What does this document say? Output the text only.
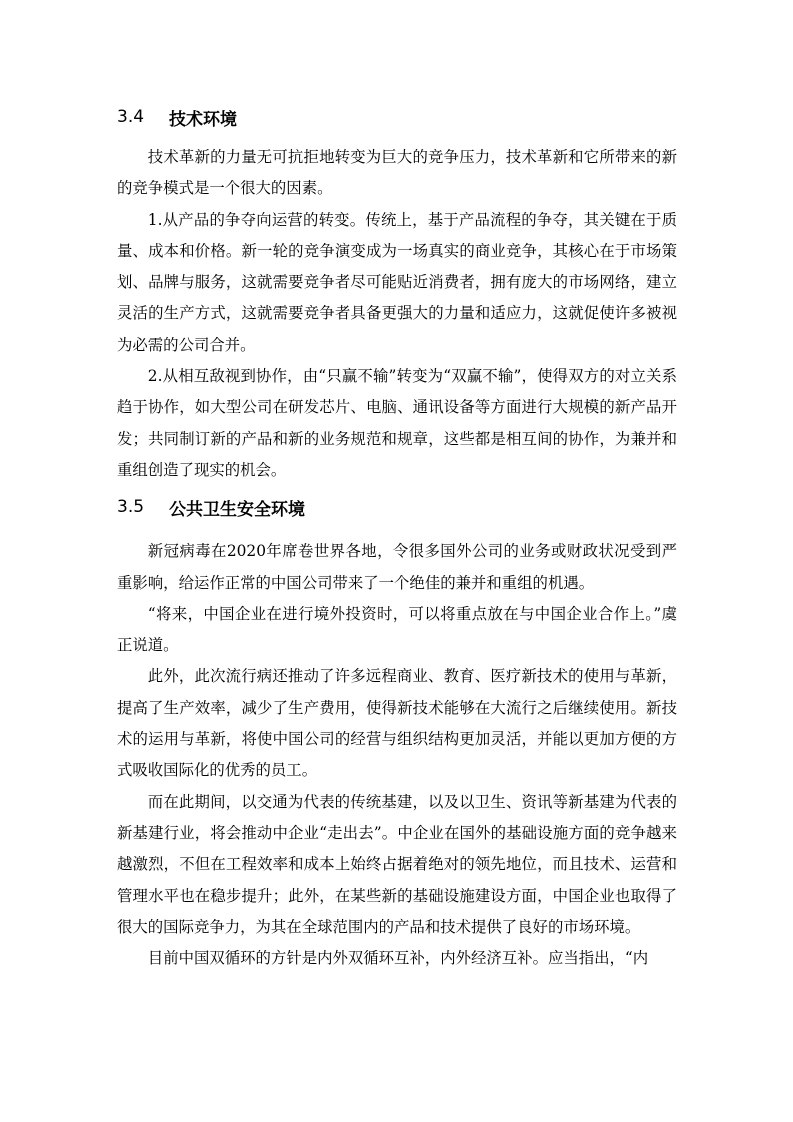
3.4	技术环境

技术革新的力量无可抗拒地转变为巨大的竞争压力，技术革新和它所带来的新的竞争模式是一个很大的因素。

1.从产品的争夺向运营的转变。传统上，基于产品流程的争夺，其关键在于质量、成本和价格。新一轮的竞争演变成为一场真实的商业竞争，其核心在于市场策划、品牌与服务，这就需要竞争者尽可能贴近消费者，拥有庞大的市场网络，建立灵活的生产方式，这就需要竞争者具备更强大的力量和适应力，这就促使许多被视为必需的公司合并。

2.从相互敌视到协作，由“只赢不输”转变为“双赢不输”，使得双方的对立关系趋于协作，如大型公司在研发芯片、电脑、通讯设备等方面进行大规模的新产品开发；共同制订新的产品和新的业务规范和规章，这些都是相互间的协作，为兼并和重组创造了现实的机会。

3.5	公共卫生安全环境

新冠病毒在2020年席卷世界各地，令很多国外公司的业务或财政状况受到严重影响，给运作正常的中国公司带来了一个绝佳的兼并和重组的机遇。

“将来，中国企业在进行境外投资时，可以将重点放在与中国企业合作上。”虞正说道。

此外，此次流行病还推动了许多远程商业、教育、医疗新技术的使用与革新，提高了生产效率，减少了生产费用，使得新技术能够在大流行之后继续使用。新技术的运用与革新，将使中国公司的经营与组织结构更加灵活，并能以更加方便的方式吸收国际化的优秀的员工。

而在此期间，以交通为代表的传统基建，以及以卫生、资讯等新基建为代表的新基建行业，将会推动中企业“走出去”。中企业在国外的基础设施方面的竞争越来越激烈，不但在工程效率和成本上始终占据着绝对的领先地位，而且技术、运营和管理水平也在稳步提升；此外，在某些新的基础设施建设方面，中国企业也取得了很大的国际竞争力，为其在全球范围内的产品和技术提供了良好的市场环境。

目前中国双循环的方针是内外双循环互补，内外经济互补。应当指出，“内
